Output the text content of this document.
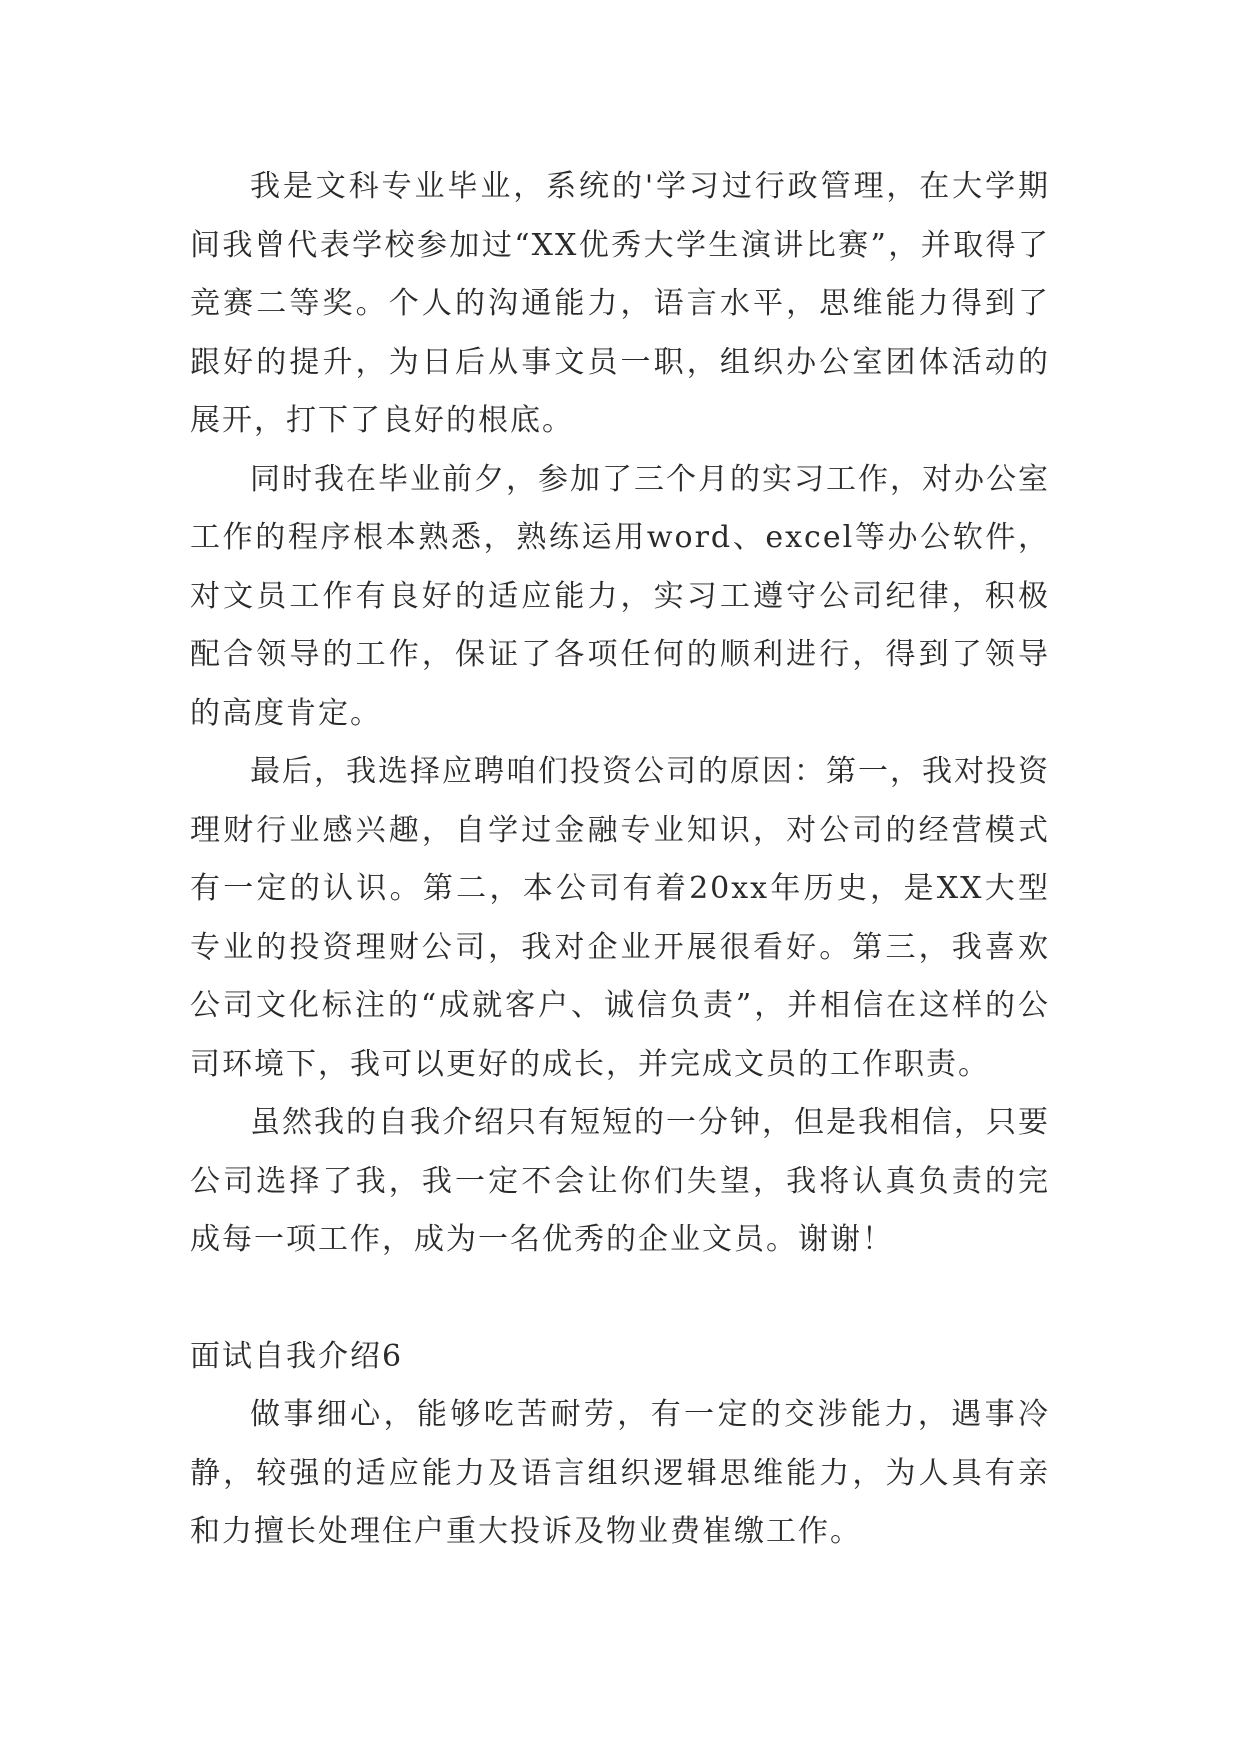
我是文科专业毕业，系统的'学习过行政管理，在大学期间我曾代表学校参加过“XX优秀大学生演讲比赛”，并取得了竞赛二等奖。个人的沟通能力，语言水平，思维能力得到了跟好的提升，为日后从事文员一职，组织办公室团体活动的展开，打下了良好的根底。

同时我在毕业前夕，参加了三个月的实习工作，对办公室工作的程序根本熟悉，熟练运用word、excel等办公软件，对文员工作有良好的适应能力，实习工遵守公司纪律，积极配合领导的工作，保证了各项任何的顺利进行，得到了领导的高度肯定。

最后，我选择应聘咱们投资公司的原因：第一，我对投资理财行业感兴趣，自学过金融专业知识，对公司的经营模式有一定的认识。第二，本公司有着20xx年历史，是XX大型专业的投资理财公司，我对企业开展很看好。第三，我喜欢公司文化标注的“成就客户、诚信负责”，并相信在这样的公司环境下，我可以更好的成长，并完成文员的工作职责。

虽然我的自我介绍只有短短的一分钟，但是我相信，只要公司选择了我，我一定不会让你们失望，我将认真负责的完成每一项工作，成为一名优秀的企业文员。谢谢！

面试自我介绍6

做事细心，能够吃苦耐劳，有一定的交涉能力，遇事冷静，较强的适应能力及语言组织逻辑思维能力，为人具有亲和力擅长处理住户重大投诉及物业费崔缴工作。
